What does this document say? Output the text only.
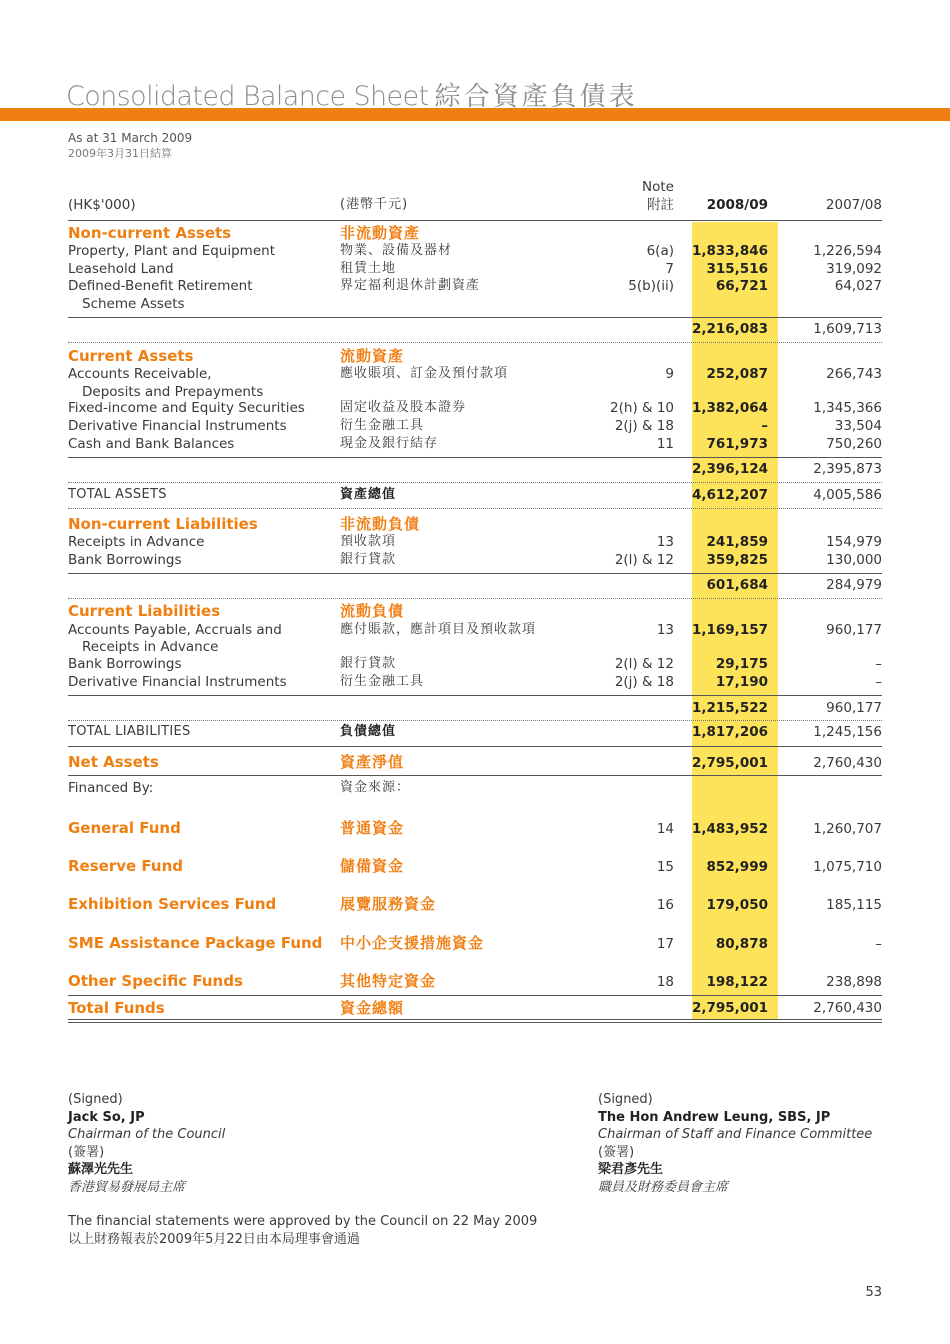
Consolidated Balance Sheet 綜合資產負債表
As at 31 March 2009
2009年3月31日結算
(HK$'000)	(港幣千元)
Note
附註 2008/09	2007/08
Non-current Assets	非流動資產
Property, Plant and Equipment	物業、設備及器材	6(a) 1,833,846	1,226,594
Leasehold Land	租賃土地	7 315,516	319,092
Defined-Benefit Retirement
Scheme Assets
界定福利退休計劃資產	5(b)(ii)	66,721	64,027
2,216,083	1,609,713
Current Assets	流動資產
Accounts Receivable,
Deposits and Prepayments
應收賬項、訂金及預付款項	9 252,087	266,743
Fixed-income and Equity Securities	固定收益及股本證券	2(h) & 10 1,382,064	1,345,366
Derivative Financial Instruments	衍生金融工具	2(j) & 18	–	33,504
Cash and Bank Balances	現金及銀行結存	11 761,973	750,260
2,396,124	2,395,873
TOTAL ASSETS	資產總值	4,612,207	4,005,586
Non-current Liabilities	非流動負債
Receipts in Advance	預收款項	13 241,859	154,979
Bank Borrowings	銀行貸款	2(l) & 12 359,825	130,000
601,684	284,979
Current Liabilities	流動負債
Accounts Payable, Accruals and
Receipts in Advance
應付賬款，應計項目及預收款項	13 1,169,157	960,177
Bank Borrowings	銀行貸款	2(l) & 12	29,175	–
Derivative Financial Instruments	衍生金融工具	2(j) & 18	17,190	–
1,215,522	960,177
TOTAL LIABILITIES	負債總值	1,817,206	1,245,156
Net Assets	資產淨值	2,795,001	2,760,430
Financed By:	資金來源：
General Fund	普通資金	14 1,483,952	1,260,707
Reserve Fund	儲備資金	15 852,999	1,075,710
Exhibition Services Fund	展覽服務資金	16 179,050	185,115
SME Assistance Package Fund 中小企支援措施資金	17	80,878	–
Other Specific Funds	其他特定資金	18 198,122	238,898
Total Funds	資金總額	2,795,001	2,760,430
(Signed)
Jack So, JP
Chairman of the Council
(簽署)
蘇澤光先生
香港貿易發展局主席
(Signed)
The Hon Andrew Leung, SBS, JP
Chairman of Staff and Finance Committee
(簽署)
梁君彥先生
職員及財務委員會主席
The financial statements were approved by the Council on 22 May 2009
以上財務報表於2009年5月22日由本局理事會通過
53
